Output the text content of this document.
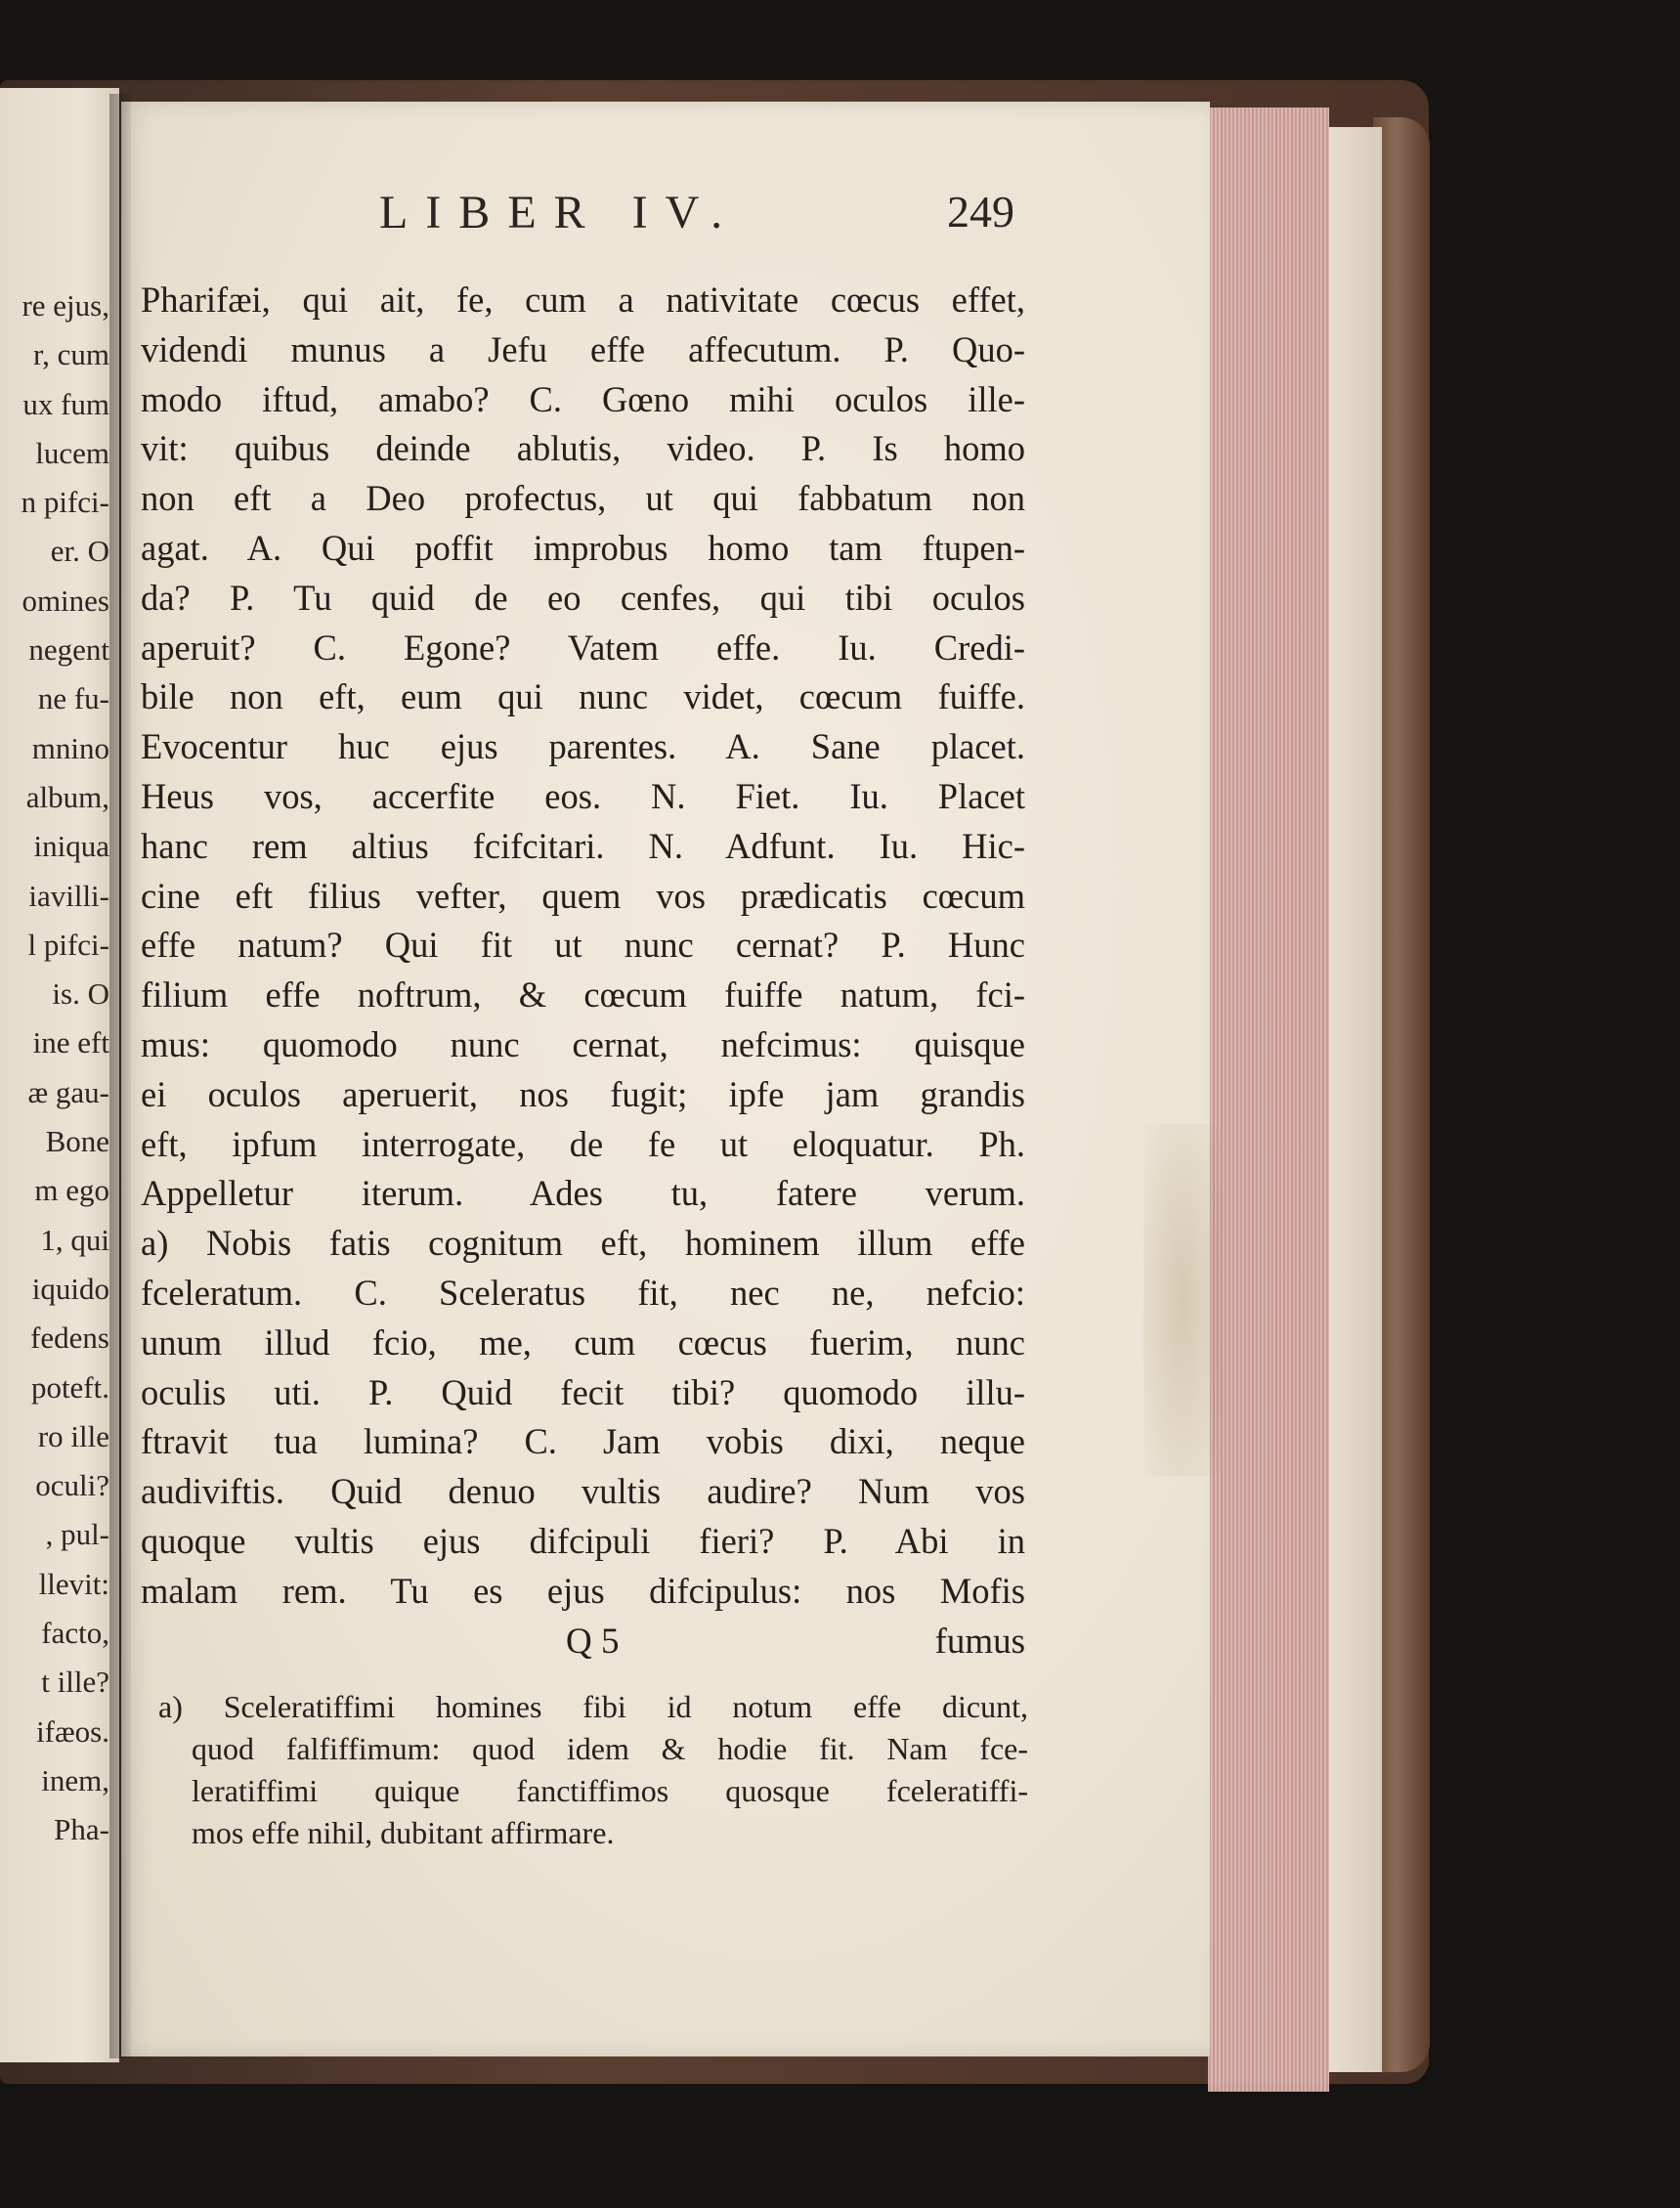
re ejus,
r, cum
ux fum
lucem
n pifci-
er. O
omines
negent
ne fu-
mnino
album,
iniqua
iavilli-
l pifci-
is. O
ine eft
æ gau-
Bone
m ego
1, qui
iquido
fedens
poteft.
ro ille
oculi?
, pul-
llevit:
facto,
t ille?
ifæos.
inem,
Pha-
LIBER IV.	249
Pharifæi, qui ait, fe, cum a nativitate cœcus effet,
videndi munus a Jefu effe affecutum. P. Quo-
modo iftud, amabo? C. Gœno mihi oculos ille-
vit: quibus deinde ablutis, video. P. Is homo
non eft a Deo profectus, ut qui fabbatum non
agat. A. Qui poffit improbus homo tam ftupen-
da? P. Tu quid de eo cenfes, qui tibi oculos
aperuit? C. Egone? Vatem effe. Iu. Credi-
bile non eft, eum qui nunc videt, cœcum fuiffe.
Evocentur huc ejus parentes. A. Sane placet.
Heus vos, accerfite eos. N. Fiet. Iu. Placet
hanc rem altius fcifcitari. N. Adfunt. Iu. Hic-
cine eft filius vefter, quem vos prædicatis cœcum
effe natum? Qui fit ut nunc cernat? P. Hunc
filium effe noftrum, & cœcum fuiffe natum, fci-
mus: quomodo nunc cernat, nefcimus: quisque
ei oculos aperuerit, nos fugit; ipfe jam grandis
eft, ipfum interrogate, de fe ut eloquatur. Ph.
Appelletur iterum. Ades tu, fatere verum.
a) Nobis fatis cognitum eft, hominem illum effe
fceleratum. C. Sceleratus fit, nec ne, nefcio:
unum illud fcio, me, cum cœcus fuerim, nunc
oculis uti. P. Quid fecit tibi? quomodo illu-
ftravit tua lumina? C. Jam vobis dixi, neque
audiviftis. Quid denuo vultis audire? Num vos
quoque vultis ejus difcipuli fieri? P. Abi in
malam rem. Tu es ejus difcipulus: nos Mofis
Q 5	fumus
a) Sceleratiffimi homines fibi id notum effe dicunt,
quod falfiffimum: quod idem & hodie fit. Nam fce-
leratiffimi quique fanctiffimos quosque fceleratiffi-
mos effe nihil, dubitant affirmare.
